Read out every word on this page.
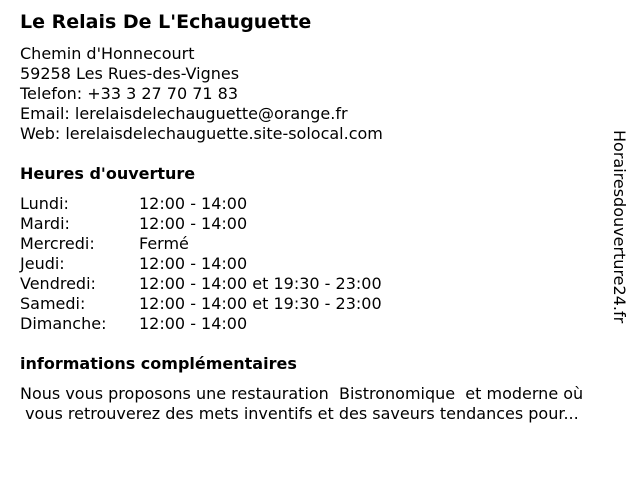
Le Relais De L'Echauguette
Chemin d'Honnecourt
59258 Les Rues-des-Vignes
Telefon: +33 3 27 70 71 83
Email: lerelaisdelechauguette@orange.fr
Web: lerelaisdelechauguette.site-solocal.com
Heures d'ouverture
Lundi:	12:00 - 14:00
Mardi:	12:00 - 14:00
Mercredi:	Fermé
Jeudi:	12:00 - 14:00
Vendredi:	12:00 - 14:00 et 19:30 - 23:00
Samedi:	12:00 - 14:00 et 19:30 - 23:00
Dimanche: 12:00 - 14:00
informations complémentaires
Nous vous proposons une restauration  Bistronomique  et moderne où
vous retrouverez des mets inventifs et des saveurs tendances pour...
Horairesdouverture24.fr
